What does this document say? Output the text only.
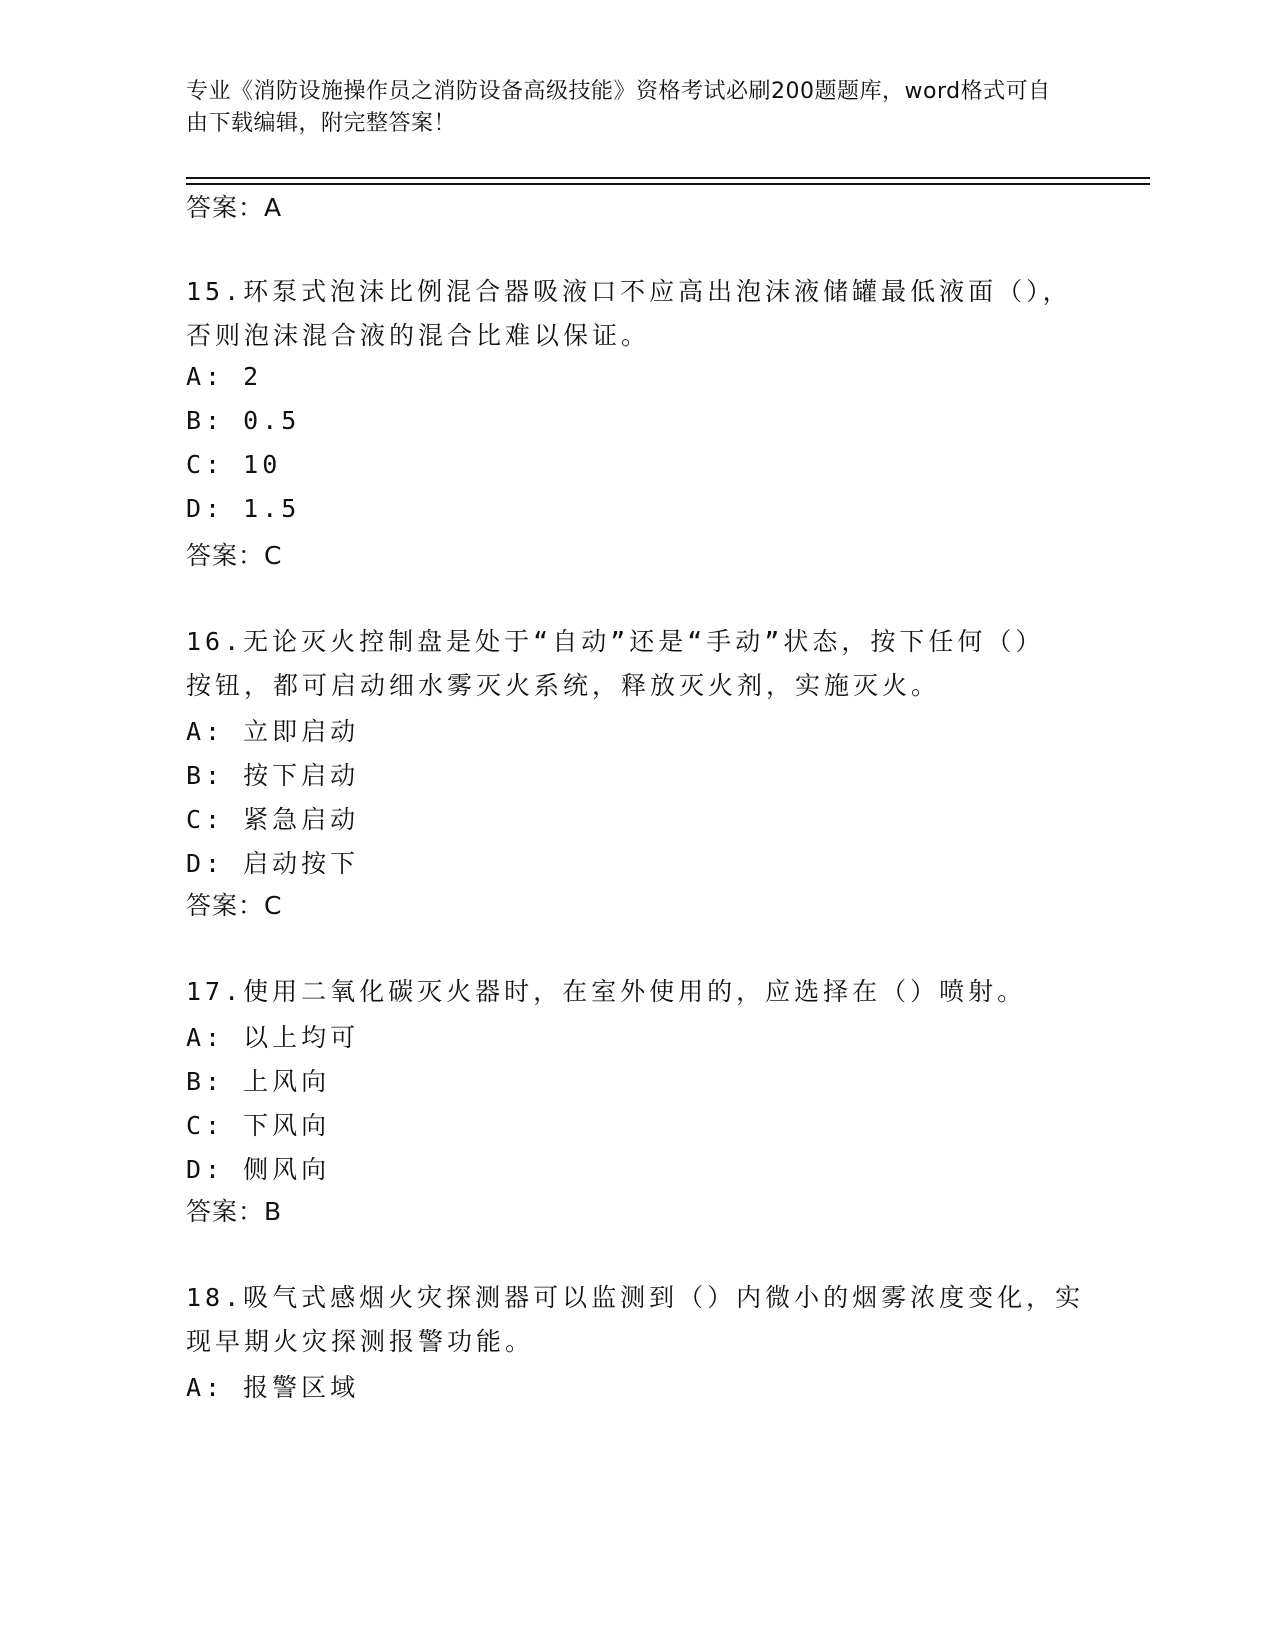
专业《消防设施操作员之消防设备高级技能》资格考试必刷200题题库，word格式可自由下载编辑，附完整答案！
答案：A
15.环泵式泡沫比例混合器吸液口不应高出泡沫液储罐最低液面（），
否则泡沫混合液的混合比难以保证。
A: 2
B: 0.5
C: 10
D: 1.5
答案：C
16.无论灭火控制盘是处于“自动”还是“手动”状态，按下任何（）
按钮，都可启动细水雾灭火系统，释放灭火剂，实施灭火。
A: 立即启动
B: 按下启动
C: 紧急启动
D: 启动按下
答案：C
17.使用二氧化碳灭火器时，在室外使用的，应选择在（）喷射。
A: 以上均可
B: 上风向
C: 下风向
D: 侧风向
答案：B
18.吸气式感烟火灾探测器可以监测到（）内微小的烟雾浓度变化，实
现早期火灾探测报警功能。
A: 报警区域
